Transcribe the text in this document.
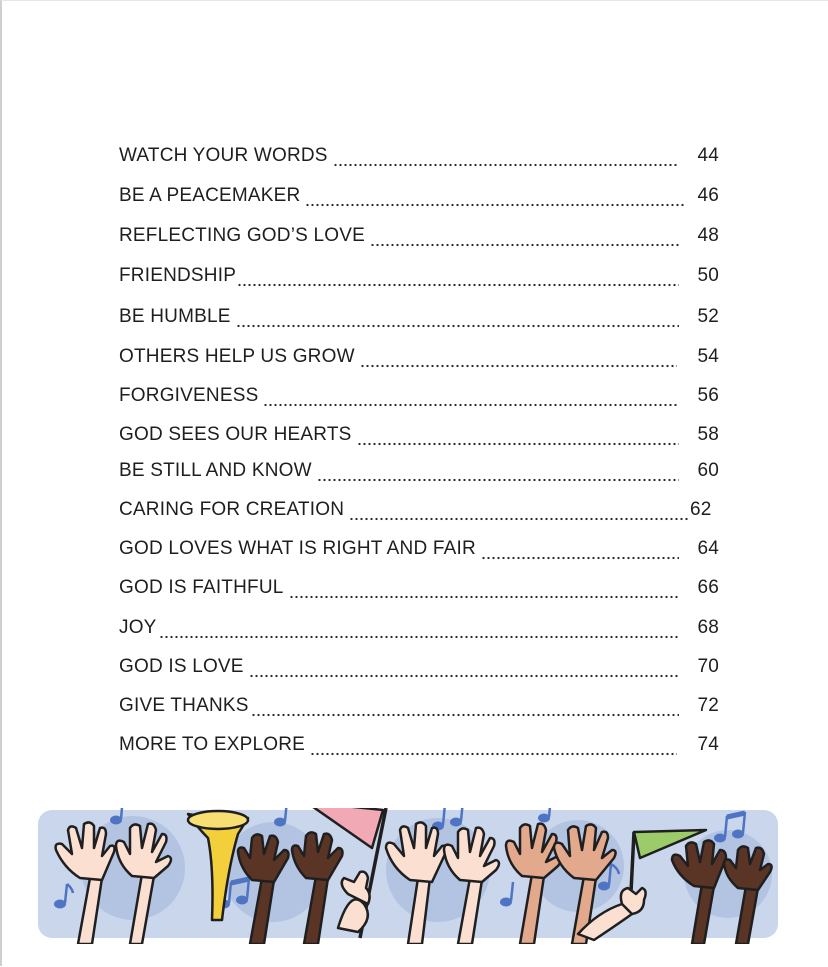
WATCH YOUR WORDS	44
BE A PEACEMAKER	46
REFLECTING GOD’S LOVE	48
FRIENDSHIP	50
BE HUMBLE	52
OTHERS HELP US GROW	54
FORGIVENESS	56
GOD SEES OUR HEARTS	58
BE STILL AND KNOW	60
CARING FOR CREATION	62
GOD LOVES WHAT IS RIGHT AND FAIR	64
GOD IS FAITHFUL	66
JOY	68
GOD IS LOVE	70
GIVE THANKS	72
MORE TO EXPLORE	74
